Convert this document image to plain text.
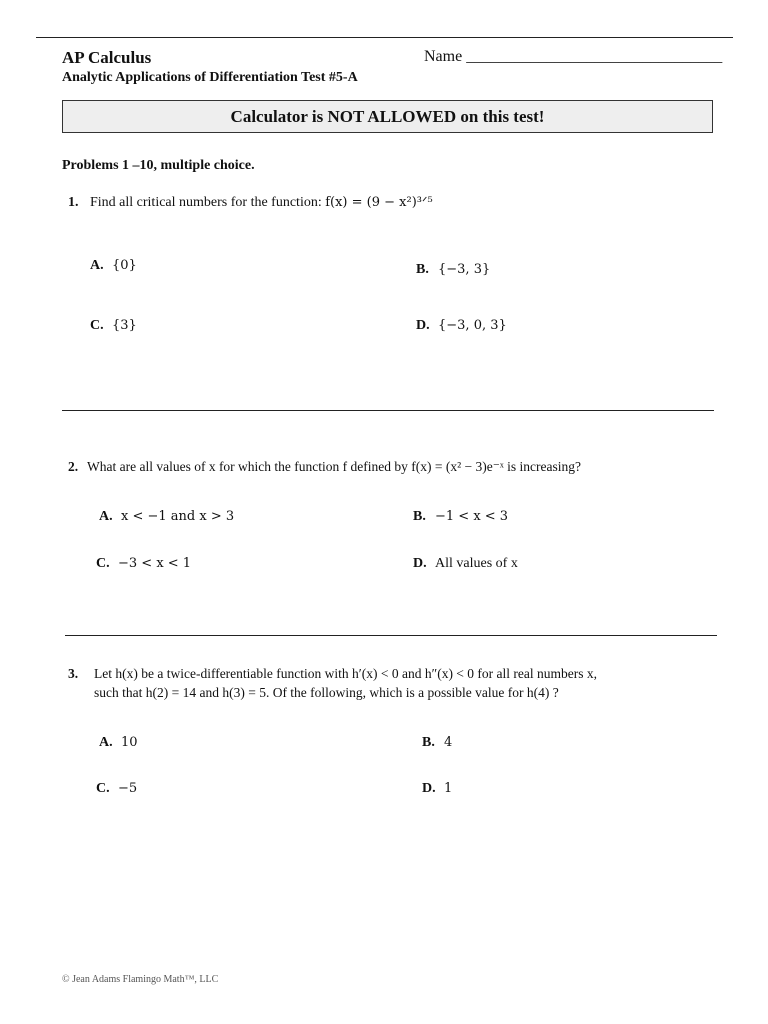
AP Calculus	Name ________________________________
Analytic Applications of Differentiation Test #5-A
Calculator is NOT ALLOWED on this test!
Problems 1 –10, multiple choice.
1. Find all critical numbers for the function: f(x) = (9 − x²)³ᐟ⁵
A. {0}	B. {−3, 3}
C. {3}	D. {−3, 0, 3}
2. What are all values of x for which the function f defined by f(x) = (x² − 3)e⁻ˣ is increasing?
A. x < −1 and x > 3	B. −1 < x < 3
C. −3 < x < 1	D. All values of x
3. Let h(x) be a twice-differentiable function with h′(x) < 0 and h″(x) < 0 for all real numbers x,
such that h(2) = 14 and h(3) = 5. Of the following, which is a possible value for h(4) ?
A. 10	B. 4
C. −5	D. 1
© Jean Adams Flamingo Math™, LLC
